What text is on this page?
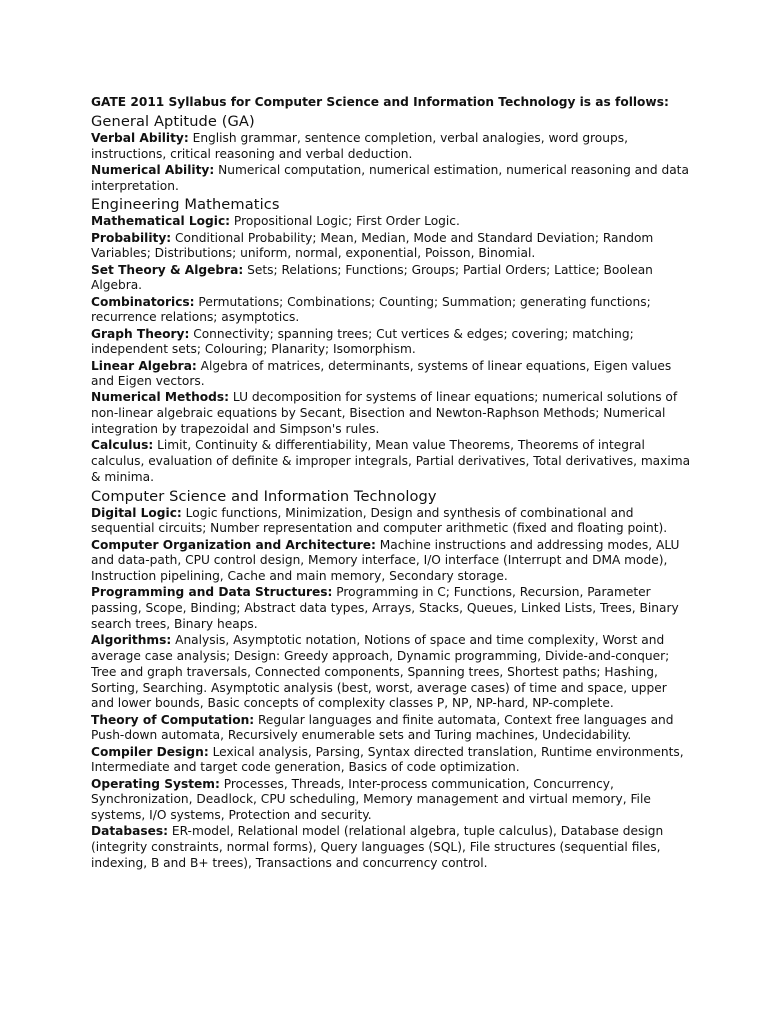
GATE 2011 Syllabus for Computer Science and Information Technology is as follows:

General Aptitude (GA)

Verbal Ability: English grammar, sentence completion, verbal analogies, word groups, instructions, critical reasoning and verbal deduction.

Numerical Ability: Numerical computation, numerical estimation, numerical reasoning and data interpretation.

Engineering Mathematics

Mathematical Logic: Propositional Logic; First Order Logic.

Probability: Conditional Probability; Mean, Median, Mode and Standard Deviation; Random Variables; Distributions; uniform, normal, exponential, Poisson, Binomial.

Set Theory & Algebra: Sets; Relations; Functions; Groups; Partial Orders; Lattice; Boolean Algebra.

Combinatorics: Permutations; Combinations; Counting; Summation; generating functions; recurrence relations; asymptotics.

Graph Theory: Connectivity; spanning trees; Cut vertices & edges; covering; matching; independent sets; Colouring; Planarity; Isomorphism.

Linear Algebra: Algebra of matrices, determinants, systems of linear equations, Eigen values and Eigen vectors.

Numerical Methods: LU decomposition for systems of linear equations; numerical solutions of non-linear algebraic equations by Secant, Bisection and Newton-Raphson Methods; Numerical integration by trapezoidal and Simpson's rules.

Calculus: Limit, Continuity & differentiability, Mean value Theorems, Theorems of integral calculus, evaluation of definite & improper integrals, Partial derivatives, Total derivatives, maxima & minima.

Computer Science and Information Technology

Digital Logic: Logic functions, Minimization, Design and synthesis of combinational and sequential circuits; Number representation and computer arithmetic (fixed and floating point).

Computer Organization and Architecture: Machine instructions and addressing modes, ALU and data-path, CPU control design, Memory interface, I/O interface (Interrupt and DMA mode), Instruction pipelining, Cache and main memory, Secondary storage.

Programming and Data Structures: Programming in C; Functions, Recursion, Parameter passing, Scope, Binding; Abstract data types, Arrays, Stacks, Queues, Linked Lists, Trees, Binary search trees, Binary heaps.

Algorithms: Analysis, Asymptotic notation, Notions of space and time complexity, Worst and average case analysis; Design: Greedy approach, Dynamic programming, Divide-and-conquer; Tree and graph traversals, Connected components, Spanning trees, Shortest paths; Hashing, Sorting, Searching. Asymptotic analysis (best, worst, average cases) of time and space, upper and lower bounds, Basic concepts of complexity classes P, NP, NP-hard, NP-complete.

Theory of Computation: Regular languages and finite automata, Context free languages and Push-down automata, Recursively enumerable sets and Turing machines, Undecidability.

Compiler Design: Lexical analysis, Parsing, Syntax directed translation, Runtime environments, Intermediate and target code generation, Basics of code optimization.

Operating System: Processes, Threads, Inter-process communication, Concurrency, Synchronization, Deadlock, CPU scheduling, Memory management and virtual memory, File systems, I/O systems, Protection and security.

Databases: ER-model, Relational model (relational algebra, tuple calculus), Database design (integrity constraints, normal forms), Query languages (SQL), File structures (sequential files, indexing, B and B+ trees), Transactions and concurrency control.
